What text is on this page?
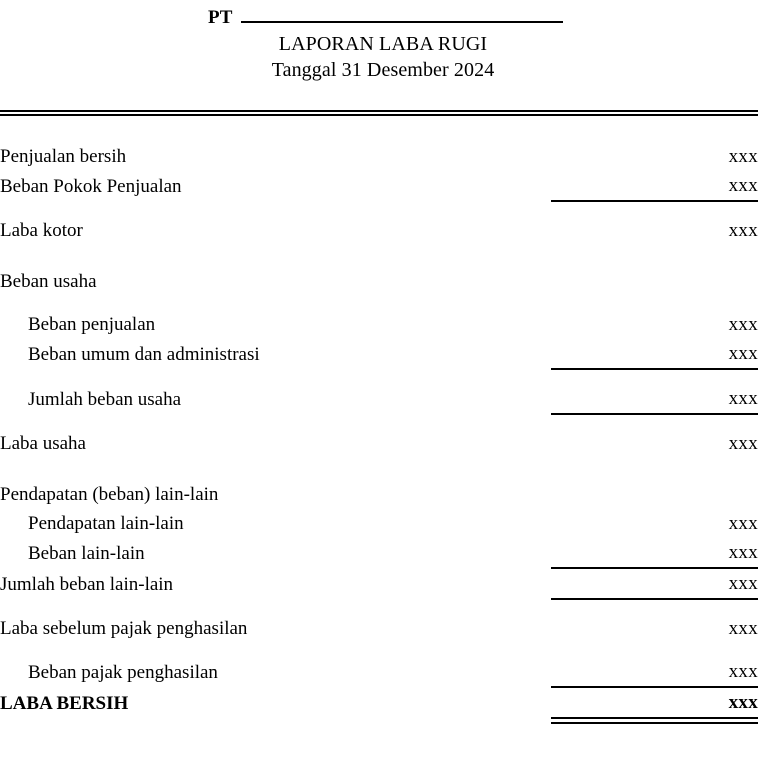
PT
LAPORAN LABA RUGI
Tanggal 31 Desember 2024

Penjualan bersih	xxx
Beban Pokok Penjualan	xxx

Laba kotor	xxx

Beban usaha	

Beban penjualan	xxx
Beban umum dan administrasi	xxx

Jumlah beban usaha	xxx

Laba usaha	xxx

Pendapatan (beban) lain-lain	
Pendapatan lain-lain	xxx
Beban lain-lain	xxx

Jumlah beban lain-lain	xxx

Laba sebelum pajak penghasilan	xxx

Beban pajak penghasilan	xxx

LABA BERSIH	xxx
